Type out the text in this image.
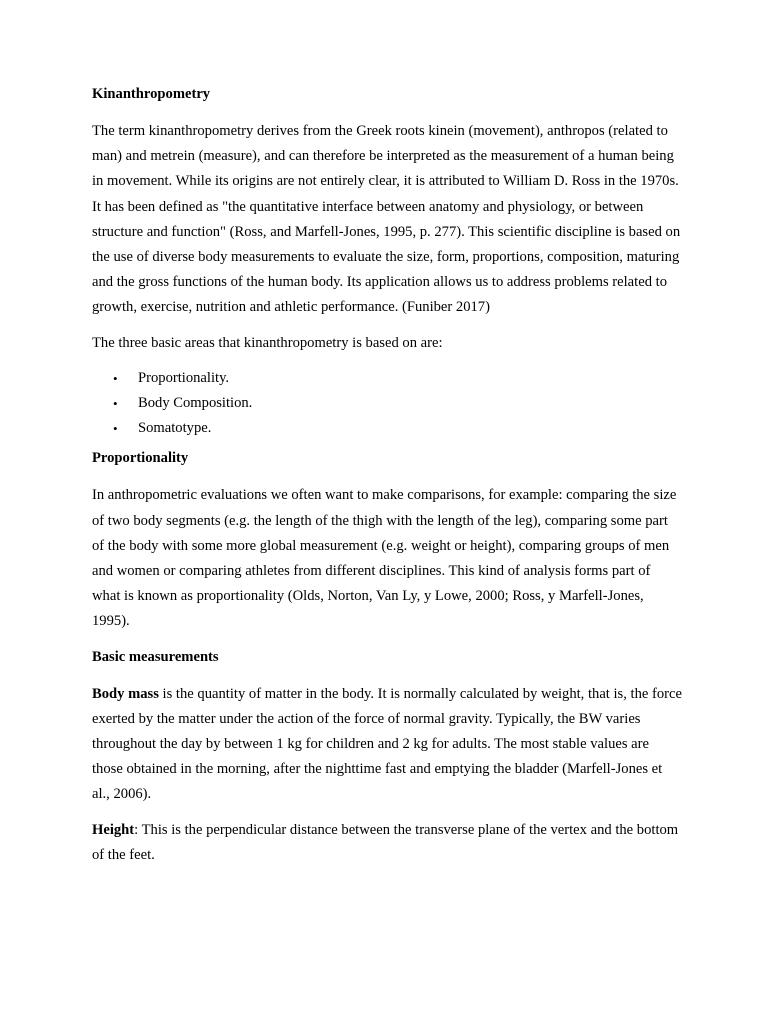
Kinanthropometry

The term kinanthropometry derives from the Greek roots kinein (movement), anthropos (related to man) and metrein (measure), and can therefore be interpreted as the measurement of a human being in movement. While its origins are not entirely clear, it is attributed to William D. Ross in the 1970s. It has been defined as "the quantitative interface between anatomy and physiology, or between structure and function" (Ross, and Marfell-Jones, 1995, p. 277). This scientific discipline is based on the use of diverse body measurements to evaluate the size, form, proportions, composition, maturing and the gross functions of the human body. Its application allows us to address problems related to growth, exercise, nutrition and athletic performance. (Funiber 2017)

The three basic areas that kinanthropometry is based on are:

• Proportionality.
• Body Composition.
• Somatotype.
Proportionality

In anthropometric evaluations we often want to make comparisons, for example: comparing the size of two body segments (e.g. the length of the thigh with the length of the leg), comparing some part of the body with some more global measurement (e.g. weight or height), comparing groups of men and women or comparing athletes from different disciplines. This kind of analysis forms part of what is known as proportionality (Olds, Norton, Van Ly, y Lowe, 2000; Ross, y Marfell-Jones, 1995).

Basic measurements

Body mass is the quantity of matter in the body. It is normally calculated by weight, that is, the force exerted by the matter under the action of the force of normal gravity. Typically, the BW varies throughout the day by between 1 kg for children and 2 kg for adults. The most stable values are those obtained in the morning, after the nighttime fast and emptying the bladder (Marfell-Jones et al., 2006).

Height: This is the perpendicular distance between the transverse plane of the vertex and the bottom of the feet.
